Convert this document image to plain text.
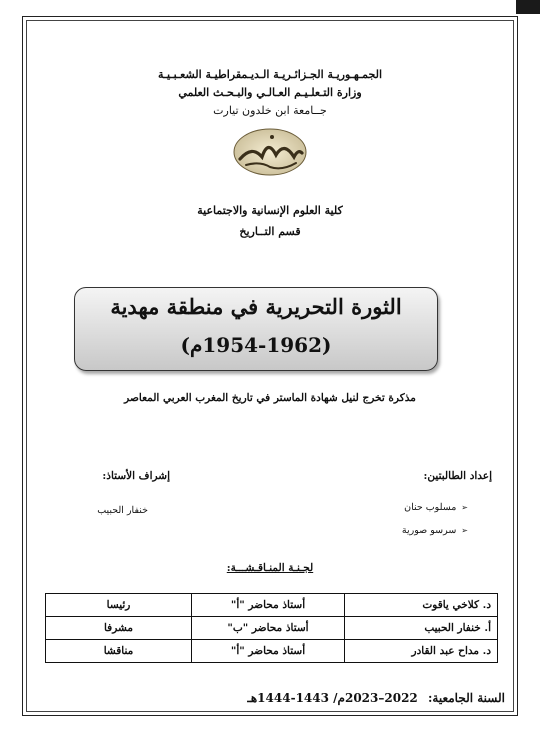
الجمـهـوريـة الجـزائـريـة الـديـمقراطيـة الشعـبـيـة
وزارة التـعلـيـم العـالـي والبـحـث العلمي
جــامعة ابن خلدون تيارت
كلية العلوم الإنسانية والاجتماعية
قسم التــاريخ
الثورة التحريرية في منطقة مهدية
(1954-1962م)
مذكرة تخرج لنيل شهادة الماستر في تاريخ المغرب العربي المعاصر
إعداد الطالبتين:
إشراف الأستاذ:
➢مسلوب حنان
➢سرسو صورية
خنفار الحبيب
لجـنـة المنـاقـشـــة:
د. كلاخي ياقوت	أستاذ محاضر "أ"	رئيسا
أ. خنفار الحبيب	أستاذ محاضر "ب"	مشرفا
د. مداح عبد القادر	أستاذ محاضر "أ"	مناقشا
السنة الجامعية: 2022–2023م/ 1443-1444هـ
